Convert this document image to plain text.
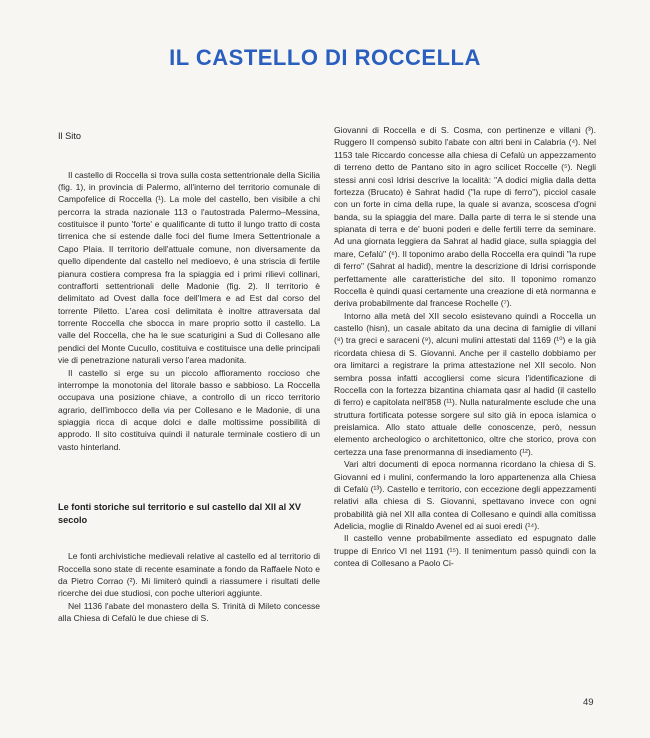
IL CASTELLO DI ROCCELLA
Il Sito

Il castello di Roccella si trova sulla costa settentrionale della Sicilia (fig. 1), in provincia di Palermo, all'interno del territorio comunale di Campofelice di Roccella (¹). La mole del castello, ben visibile a chi percorra la strada nazionale 113 o l'autostrada Palermo–Messina, costituisce il punto 'forte' e qualificante di tutto il lungo tratto di costa tirrenica che si estende dalle foci del fiume Imera Settentrionale a Capo Plaia. Il territorio dell'attuale comune, non diversamente da quello dipendente dal castello nel medioevo, è una striscia di fertile pianura costiera compresa fra la spiaggia ed i primi rilievi collinari, contrafforti settentrionali delle Madonie (fig. 2). Il territorio è delimitato ad Ovest dalla foce dell'Imera e ad Est dal corso del torrente Piletto. L'area così delimitata è inoltre attraversata dal torrente Roccella che sbocca in mare proprio sotto il castello. La valle del Roccella, che ha le sue scaturigini a Sud di Collesano alle pendici del Monte Cucullo, costituiva e costituisce una delle principali vie di penetrazione naturali verso l'area madonita.

Il castello si erge su un piccolo affioramento roccioso che interrompe la monotonia del litorale basso e sabbioso. La Roccella occupava una posizione chiave, a controllo di un ricco territorio agrario, dell'imbocco della via per Collesano e le Madonie, di una spiaggia ricca di acque dolci e dalle moltissime possibilità di approdo. Il sito costituiva quindi il naturale terminale costiero di un vasto hinterland.

Le fonti storiche sul territorio e sul castello dal XII al XV secolo

Le fonti archivistiche medievali relative al castello ed al territorio di Roccella sono state di recente esaminate a fondo da Raffaele Noto e da Pietro Corrao (²). Mi limiterò quindi a riassumere i risultati delle ricerche dei due studiosi, con poche ulteriori aggiunte.

Nel 1136 l'abate del monastero della S. Trinità di Mileto concesse alla Chiesa di Cefalù le due chiese di S.

Giovanni di Roccella e di S. Cosma, con pertinenze e villani (³). Ruggero II compensò subito l'abate con altri beni in Calabria (⁴). Nel 1153 tale Riccardo concesse alla chiesa di Cefalù un appezzamento di terreno detto de Pantano sito in agro scilicet Roccelle (⁵). Negli stessi anni così Idrisi descrive la località: "A dodici miglia dalla detta fortezza (Brucato) è Sahrat hadid ("la rupe di ferro"), picciol casale con un forte in cima della rupe, la quale si avanza, scoscesa d'ogni banda, su la spiaggia del mare. Dalla parte di terra le si stende una spianata di terra e de' buoni poderi e delle fertili terre da seminare. Ad una giornata leggiera da Sahrat al hadid giace, sulla spiaggia del mare, Cefalù" (⁶). Il toponimo arabo della Roccella era quindi "la rupe di ferro" (Sahrat al hadid), mentre la descrizione di Idrisi corrisponde perfettamente alle caratteristiche del sito. Il toponimo romanzo Roccella è quindi quasi certamente una creazione di età normanna e deriva probabilmente dal francese Rochelle (⁷).

Intorno alla metà del XII secolo esistevano quindi a Roccella un castello (hisn), un casale abitato da una decina di famiglie di villani (⁸) tra greci e saraceni (⁹), alcuni mulini attestati dal 1169 (¹⁰) e la già ricordata chiesa di S. Giovanni. Anche per il castello dobbiamo per ora limitarci a registrare la prima attestazione nel XII secolo. Non sembra possa infatti accogliersi come sicura l'identificazione di Roccella con la fortezza bizantina chiamata qasr al hadid (il castello di ferro) e capitolata nell'858 (¹¹). Nulla naturalmente esclude che una struttura fortificata potesse sorgere sul sito già in epoca islamica o preislamica. Allo stato attuale delle conoscenze, però, nessun elemento archeologico o architettonico, oltre che storico, prova con certezza una fase prenormanna di insediamento (¹²).

Vari altri documenti di epoca normanna ricordano la chiesa di S. Giovanni ed i mulini, confermando la loro appartenenza alla Chiesa di Cefalù (¹³). Castello e territorio, con eccezione degli appezzamenti relativi alla chiesa di S. Giovanni, spettavano invece con ogni probabilità già nel XII alla contea di Collesano e quindi alla comitissa Adelicia, moglie di Rinaldo Avenel ed ai suoi eredi (¹⁴).

Il castello venne probabilmente assediato ed espugnato dalle truppe di Enrico VI nel 1191 (¹⁵). Il tenimentum passò quindi con la contea di Collesano a Paolo Ci-

49
